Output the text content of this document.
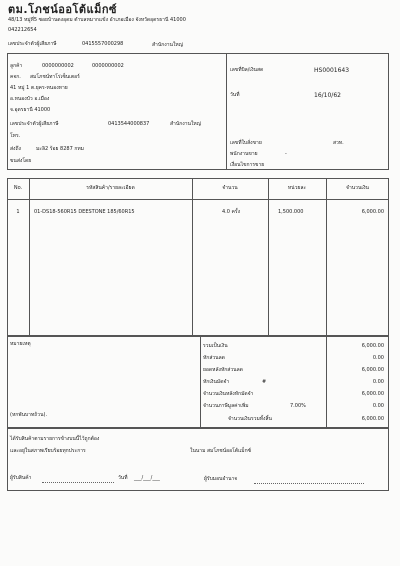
ตม.โภชน์ออโต้แม็กซ์
48/13 หมู่ที่5 ซอยบ้านดงอุดม ตำบลหมากแข้ง อำเภอเมือง จังหวัดอุดรธานี 41000
042212654
เลขประจำตัวผู้เสียภาษี	0415557000298	สำนักงานใหญ่
ลูกค้า	0000000002	0000000002
คจก. สมโภชน์ทาโร่เซ็นเตอร์
41 หมู่ 1 ต.ยุคร-หนองหาย
อ.หนองบัว อ.เมือง
จ.อุดรธานี 41000
เลขประจำตัวผู้เสียภาษี	0413544000837	สำนักงานใหญ่
โทร.
ส่งถึง	มะลิ2 ร้อย 8287 กทม
ขนส่งโดย
เลขที่บิล/เงินสด	HS0001643
วันที่	16/10/62
เลขที่ใบสั่งขาย	สวท.
พนักงานขาย	-
เงื่อนไขการขาย
No.	รหัสสินค้า/รายละเอียด	จำนวน	หน่วยละ	จำนวนเงิน
1	01-DS18-560R15 DEESTONE 185/60R15	4.0 ครั้ง	1,500.000	6,000.00
หมายเหตุ
(หกพันบาทถ้วน).
รวมเป็นเงิน	6,000.00
หักส่วนลด	0.00
ยอดหลังหักส่วนลด	6,000.00
หักเงินมัดจำ	#	0.00
จำนวนเงินหลังหักมัดจำ	6,000.00
จำนวนภาษีมูลค่าเพิ่ม	7.00%	0.00
จำนวนเงินรวมทั้งสิ้น	6,000.00
ได้รับสินค้าตามรายการข้างบนนี้ไว้ถูกต้อง
และอยู่ในสภาพเรียบร้อยทุกประการ	ในนาม สมโภชน์ออโต้แม็กซ์
ผู้รับสินค้า	วันที่ ___/___/___	ผู้รับมอบอำนาจ
